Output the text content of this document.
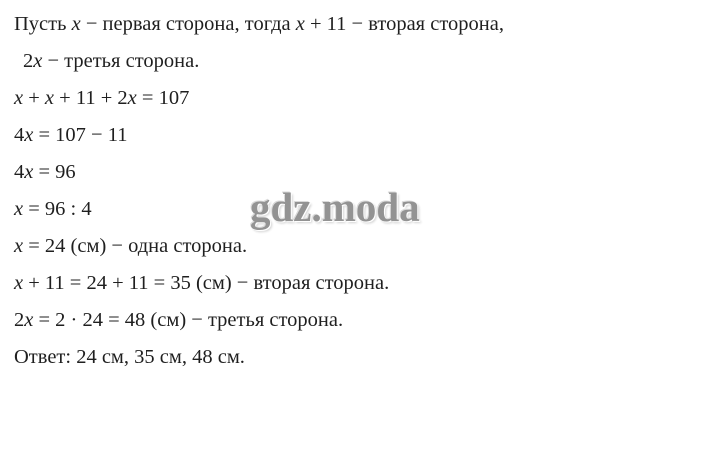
Пусть x − первая сторона, тогда x + 11 − вторая сторона,
2 x − третья сторона.
x + x + 11 + 2 x = 107
4 x = 107 − 11
4 x = 96
x = 96 : 4
x = 24 (см) − одна сторона.
x + 11 = 24 + 11 = 35 (см) − вторая сторона.
2 x = 2 · 24 = 48 (см) − третья сторона.
Ответ: 24 см, 35 см, 48 см.
gdz.moda
